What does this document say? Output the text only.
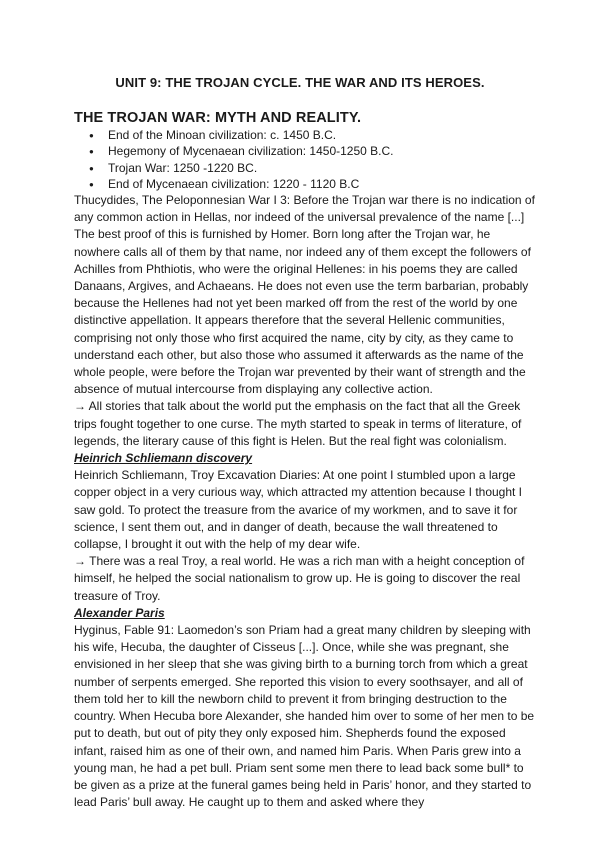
UNIT 9: THE TROJAN CYCLE. THE WAR AND ITS HEROES.
THE TROJAN WAR: MYTH AND REALITY.
● End of the Minoan civilization: c. 1450 B.C.
● Hegemony of Mycenaean civilization: 1450-1250 B.C.
● Trojan War: 1250 -1220 BC.
● End of Mycenaean civilization: 1220 - 1120 B.C

Thucydides, The Peloponnesian War I 3: Before the Trojan war there is no indication of any common action in Hellas, nor indeed of the universal prevalence of the name [...] The best proof of this is furnished by Homer. Born long after the Trojan war, he nowhere calls all of them by that name, nor indeed any of them except the followers of Achilles from Phthiotis, who were the original Hellenes: in his poems they are called Danaans, Argives, and Achaeans. He does not even use the term barbarian, probably because the Hellenes had not yet been marked off from the rest of the world by one distinctive appellation. It appears therefore that the several Hellenic communities, comprising not only those who first acquired the name, city by city, as they came to understand each other, but also those who assumed it afterwards as the name of the whole people, were before the Trojan war prevented by their want of strength and the absence of mutual intercourse from displaying any collective action.

→ All stories that talk about the world put the emphasis on the fact that all the Greek trips fought together to one curse. The myth started to speak in terms of literature, of legends, the literary cause of this fight is Helen. But the real fight was colonialism.

Heinrich Schliemann discovery

Heinrich Schliemann, Troy Excavation Diaries: At one point I stumbled upon a large copper object in a very curious way, which attracted my attention because I thought I saw gold. To protect the treasure from the avarice of my workmen, and to save it for science, I sent them out, and in danger of death, because the wall threatened to collapse, I brought it out with the help of my dear wife.

→ There was a real Troy, a real world. He was a rich man with a height conception of himself, he helped the social nationalism to grow up. He is going to discover the real treasure of Troy.

Alexander Paris

Hyginus, Fable 91: Laomedon’s son Priam had a great many children by sleeping with his wife, Hecuba, the daughter of Cisseus [...]. Once, while she was pregnant, she envisioned in her sleep that she was giving birth to a burning torch from which a great number of serpents emerged. She reported this vision to every soothsayer, and all of them told her to kill the newborn child to prevent it from bringing destruction to the country. When Hecuba bore Alexander, she handed him over to some of her men to be put to death, but out of pity they only exposed him. Shepherds found the exposed infant, raised him as one of their own, and named him Paris. When Paris grew into a young man, he had a pet bull. Priam sent some men there to lead back some bull* to be given as a prize at the funeral games being held in Paris’ honor, and they started to lead Paris’ bull away. He caught up to them and asked where they
